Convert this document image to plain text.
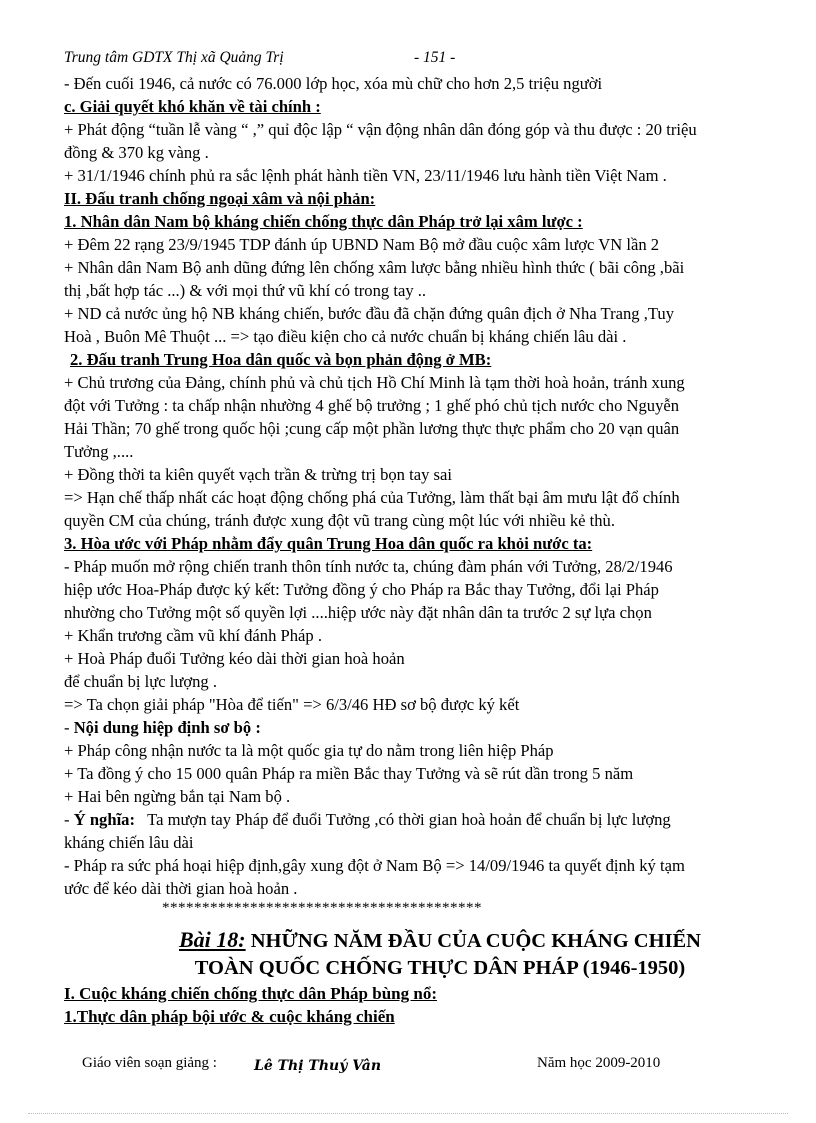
Trung tâm GDTX Thị xã Quảng Trị	- 151 -

- Đến cuối 1946, cả nước có 76.000 lớp học, xóa mù chữ cho hơn 2,5 triệu người

c. Giải quyết khó khăn về tài chính :

+ Phát động “tuần lễ vàng “ ,” quỉ độc lập “ vận động nhân dân đóng góp và thu được : 20 triệu

đồng & 370 kg vàng .

+ 31/1/1946 chính phủ ra sắc lệnh phát hành tiền VN, 23/11/1946 lưu hành tiền Việt Nam .

II. Đấu tranh chống ngoại xâm và nội phản:

1. Nhân dân Nam bộ kháng chiến chống thực dân Pháp trở lại xâm lược :

+ Đêm 22 rạng 23/9/1945 TDP đánh úp UBND Nam Bộ mở đầu cuộc xâm lược VN lần 2

+ Nhân dân Nam Bộ anh dũng đứng lên chống xâm lược bằng nhiều hình thức ( bãi công ,bãi

thị ,bất hợp tác ...) & với mọi thứ vũ khí có trong tay ..

+ ND cả nước ủng hộ NB kháng chiến, bước đầu đã chặn đứng quân địch ở Nha Trang ,Tuy

Hoà , Buôn Mê Thuột ... => tạo điều kiện cho cả nước chuẩn bị kháng chiến lâu dài .

2. Đấu tranh Trung Hoa dân quốc và bọn phản động ở MB:

+ Chủ trương của Đảng, chính phủ và chủ tịch Hồ Chí Minh là tạm thời hoà hoản, tránh xung

đột với Tưởng : ta chấp nhận nhường 4 ghế bộ trưởng ; 1 ghế phó chủ tịch nước cho Nguyễn

Hải Thần; 70 ghế trong quốc hội ;cung cấp một phần lương thực thực phẩm cho 20 vạn quân

Tưởng ,....

+ Đồng thời ta kiên quyết vạch trần & trừng trị bọn tay sai

=> Hạn chế thấp nhất các hoạt động chống phá của Tưởng, làm thất bại âm mưu lật đổ chính

quyền CM của chúng, tránh được xung đột vũ trang cùng một lúc với nhiều kẻ thù.

3. Hòa ước với Pháp nhằm đẩy quân Trung Hoa dân quốc ra khỏi nước ta:

- Pháp muốn mở rộng chiến tranh thôn tính nước ta, chúng đàm phán với Tưởng, 28/2/1946

hiệp ước Hoa-Pháp được ký kết: Tưởng đồng ý cho Pháp ra Bắc thay Tưởng, đổi lại Pháp

nhường cho Tưởng một số quyền lợi ....hiệp ước này đặt nhân dân ta trước 2 sự lựa chọn

+ Khẩn trương cầm vũ khí đánh Pháp .

+ Hoà Pháp đuổi Tưởng kéo dài thời gian hoà hoản

để chuẩn bị lực lượng .

=> Ta chọn giải pháp "Hòa để tiến" => 6/3/46 HĐ sơ bộ được ký kết

- Nội dung hiệp định sơ bộ :

+ Pháp công nhận nước ta là một quốc gia tự do nằm trong liên hiệp Pháp

+ Ta đồng ý cho 15 000 quân Pháp ra miền Bắc thay Tưởng và sẽ rút dần trong 5 năm

+ Hai bên ngừng bắn tại Nam bộ .

- Ý nghĩa:   Ta mượn tay Pháp để đuổi Tưởng ,có thời gian hoà hoản để chuẩn bị lực lượng

kháng chiến lâu dài

- Pháp ra sức phá hoại hiệp định,gây xung đột ở Nam Bộ => 14/09/1946 ta quyết định ký tạm

ước để kéo dài thời gian hoà hoản .

****************************************

Bài 18: NHỮNG NĂM ĐẦU CỦA CUỘC KHÁNG CHIẾN
TOÀN QUỐC CHỐNG THỰC DÂN PHÁP (1946-1950)

I. Cuộc kháng chiến chống thực dân Pháp bùng nổ:

1.Thực dân pháp bội ước & cuộc kháng chiến

Giáo viên soạn giảng :	Lê Thị Thuý Vân	Năm học 2009-2010
